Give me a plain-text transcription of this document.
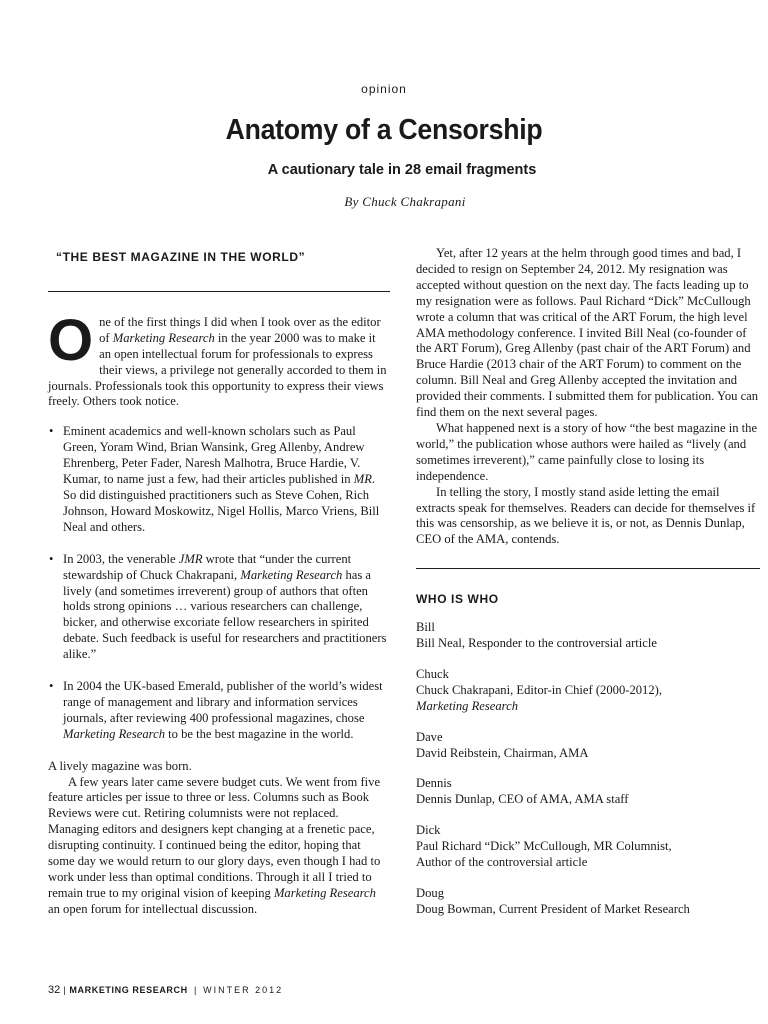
opinion
Anatomy of a Censorship
A cautionary tale in 28 email fragments
By Chuck Chakrapani
“THE BEST MAGAZINE IN THE WORLD”

One of the first things I did when I took over as the editor of Marketing Research in the year 2000 was to make it an open intellectual forum for professionals to express their views, a privilege not generally accorded to them in journals. Professionals took this opportunity to express their views freely. Others took notice.

• Eminent academics and well-known scholars such as Paul Green, Yoram Wind, Brian Wansink, Greg Allenby, Andrew Ehrenberg, Peter Fader, Naresh Malhotra, Bruce Hardie, V. Kumar, to name just a few, had their articles published in MR. So did distinguished practitioners such as Steve Cohen, Rich Johnson, Howard Moskowitz, Nigel Hollis, Marco Vriens, Bill Neal and others.
• In 2003, the venerable JMR wrote that “under the current stewardship of Chuck Chakrapani, Marketing Research has a lively (and sometimes irreverent) group of authors that often holds strong opinions … various researchers can challenge, bicker, and otherwise excoriate fellow researchers in spirited debate. Such feedback is useful for researchers and practitioners alike.”
• In 2004 the UK-based Emerald, publisher of the world’s widest range of management and library and information services journals, after reviewing 400 professional magazines, chose Marketing Research to be the best magazine in the world.

A lively magazine was born.

A few years later came severe budget cuts. We went from five feature articles per issue to three or less. Columns such as Book Reviews were cut. Retiring columnists were not replaced. Managing editors and designers kept changing at a frenetic pace, disrupting continuity. I continued being the editor, hoping that some day we would return to our glory days, even though I had to work under less than optimal conditions. Through it all I tried to remain true to my original vision of keeping Marketing Research an open forum for intellectual discussion.

Yet, after 12 years at the helm through good times and bad, I decided to resign on September 24, 2012. My resignation was accepted without question on the next day. The facts leading up to my resignation were as follows. Paul Richard “Dick” McCullough wrote a column that was critical of the ART Forum, the high level AMA methodology conference. I invited Bill Neal (co-founder of the ART Forum), Greg Allenby (past chair of the ART Forum) and Bruce Hardie (2013 chair of the ART Forum) to comment on the column. Bill Neal and Greg Allenby accepted the invitation and provided their comments. I submitted them for publication. You can find them on the next several pages.

What happened next is a story of how “the best magazine in the world,” the publication whose authors were hailed as “lively (and sometimes irreverent),” came painfully close to losing its independence.

In telling the story, I mostly stand aside letting the email extracts speak for themselves. Readers can decide for themselves if this was censorship, as we believe it is, or not, as Dennis Dunlap, CEO of the AMA, contends.

WHO IS WHO
Bill
Bill Neal, Responder to the controversial article
Chuck
Chuck Chakrapani, Editor-in Chief (2000-2012),
Marketing Research
Dave
David Reibstein, Chairman, AMA
Dennis
Dennis Dunlap, CEO of AMA, AMA staff
Dick
Paul Richard “Dick” McCullough, MR Columnist,
Author of the controversial article
Doug
Doug Bowman, Current President of Market Research
32 | MARKETING RESEARCH | WINTER 2012
